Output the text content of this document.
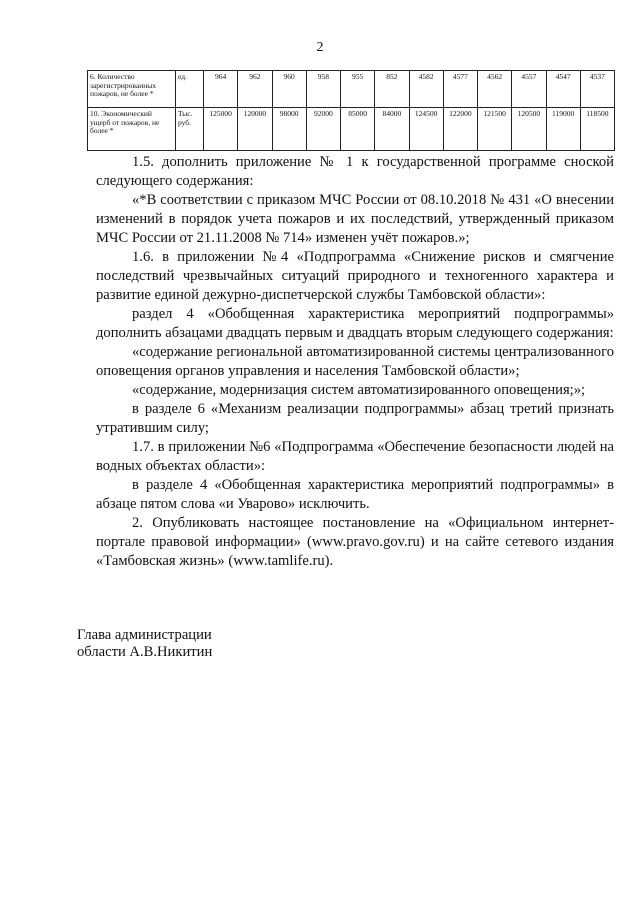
2
6. Количество зарегистрированных пожаров, не более *	ед.	964	962	960	958	955	852	4582	4577	4562	4557	4547	4537
10. Экономический ущерб от пожаров, не более *	Тыс. руб.	125000	120000	98000	92000	85000	84000	124500	122000	121500	120500	119000	118500

1.5. дополнить приложение № 1 к государственной программе сноской следующего содержания:

«*В соответствии с приказом МЧС России от 08.10.2018 № 431 «О внесении изменений в порядок учета пожаров и их последствий, утвержденный приказом МЧС России от 21.11.2008 № 714» изменен учёт пожаров.»;

1.6. в приложении №4 «Подпрограмма «Снижение рисков и смягчение последствий чрезвычайных ситуаций природного и техногенного характера и развитие единой дежурно-диспетчерской службы Тамбовской области»:

раздел 4 «Обобщенная характеристика мероприятий подпрограммы» дополнить абзацами двадцать первым и двадцать вторым следующего содержания:

«содержание региональной автоматизированной системы централизованного оповещения органов управления и населения Тамбовской области»;

«содержание, модернизация систем автоматизированного оповещения;»;

в разделе 6 «Механизм реализации подпрограммы» абзац третий признать утратившим силу;

1.7. в приложении №6 «Подпрограмма «Обеспечение безопасности людей на водных объектах области»:

в разделе 4 «Обобщенная характеристика мероприятий подпрограммы» в абзаце пятом слова «и Уварово» исключить.

2. Опубликовать настоящее постановление на «Официальном интернет-портале правовой информации» (www.pravo.gov.ru) и на сайте сетевого издания «Тамбовская жизнь» (www.tamlife.ru).

Глава администрации
области А.В.Никитин
